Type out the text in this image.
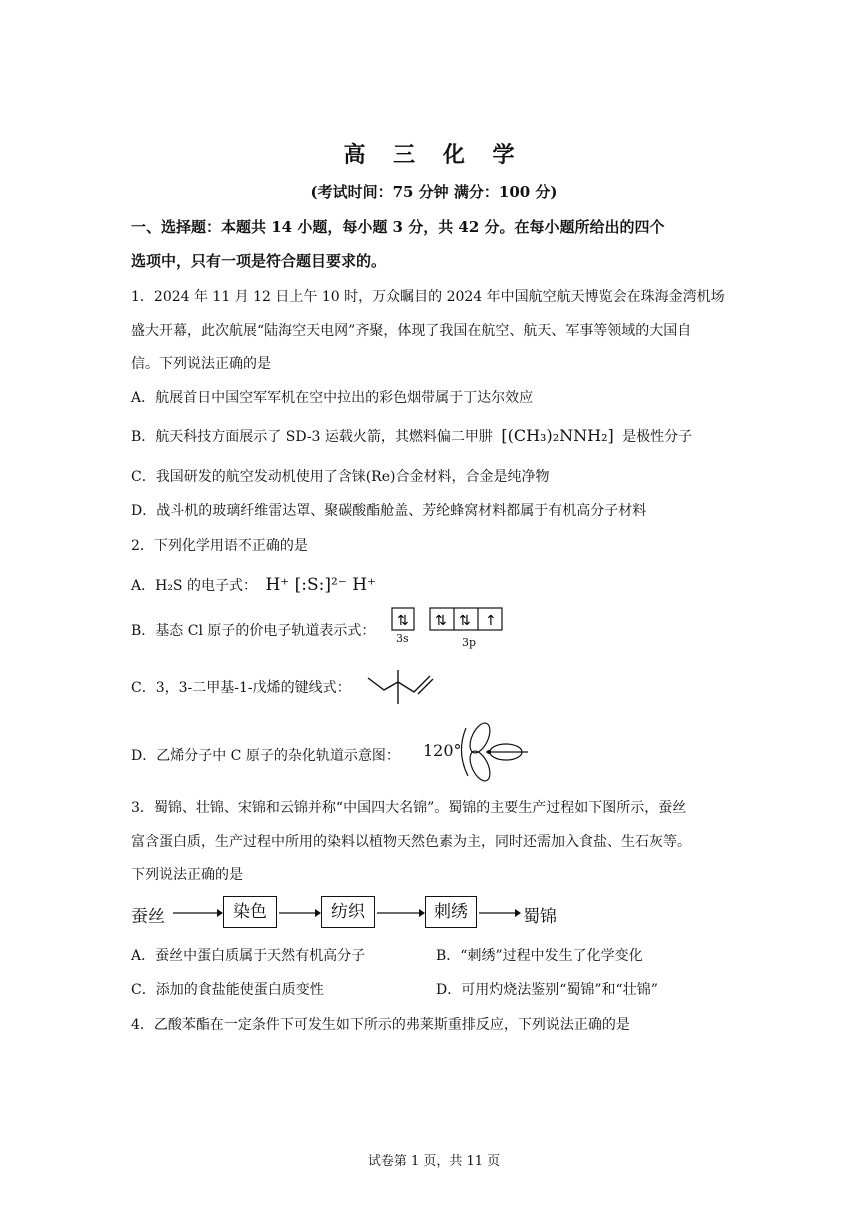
高 三 化 学
(考试时间：75 分钟 满分：100 分)
一、选择题：本题共 14 小题，每小题 3 分，共 42 分。在每小题所给出的四个
选项中，只有一项是符合题目要求的。
1．2024 年 11 月 12 日上午 10 时，万众瞩目的 2024 年中国航空航天博览会在珠海金湾机场
盛大开幕，此次航展“陆海空天电网”齐聚，体现了我国在航空、航天、军事等领域的大国自
信。下列说法正确的是
A．航展首日中国空军军机在空中拉出的彩色烟带属于丁达尔效应
B．航天科技方面展示了 SD-3 运载火箭，其燃料偏二甲肼 [(CH₃)₂NNH₂] 是极性分子
C．我国研发的航空发动机使用了含铼(Re)合金材料，合金是纯净物
D．战斗机的玻璃纤维雷达罩、聚碳酸酯舱盖、芳纶蜂窝材料都属于有机高分子材料
2．下列化学用语不正确的是
A．H₂S 的电子式： H⁺ [:S:]²⁻ H⁺
B．基态 Cl 原子的价电子轨道表示式：
⇅ ⇅ ⇅ ↑
3s	3p
C．3，3-二甲基-1-戊烯的键线式：
D．乙烯分子中 C 原子的杂化轨道示意图： 120°
3．蜀锦、壮锦、宋锦和云锦并称“中国四大名锦”。蜀锦的主要生产过程如下图所示，蚕丝
富含蛋白质，生产过程中所用的染料以植物天然色素为主，同时还需加入食盐、生石灰等。
下列说法正确的是
蚕丝	染色	纺织	刺绣	蜀锦
A．蚕丝中蛋白质属于天然有机高分子	B．“刺绣”过程中发生了化学变化
C．添加的食盐能使蛋白质变性	D．可用灼烧法鉴别“蜀锦”和“壮锦”
4．乙酸苯酯在一定条件下可发生如下所示的弗莱斯重排反应，下列说法正确的是
试卷第 1 页，共 11 页
